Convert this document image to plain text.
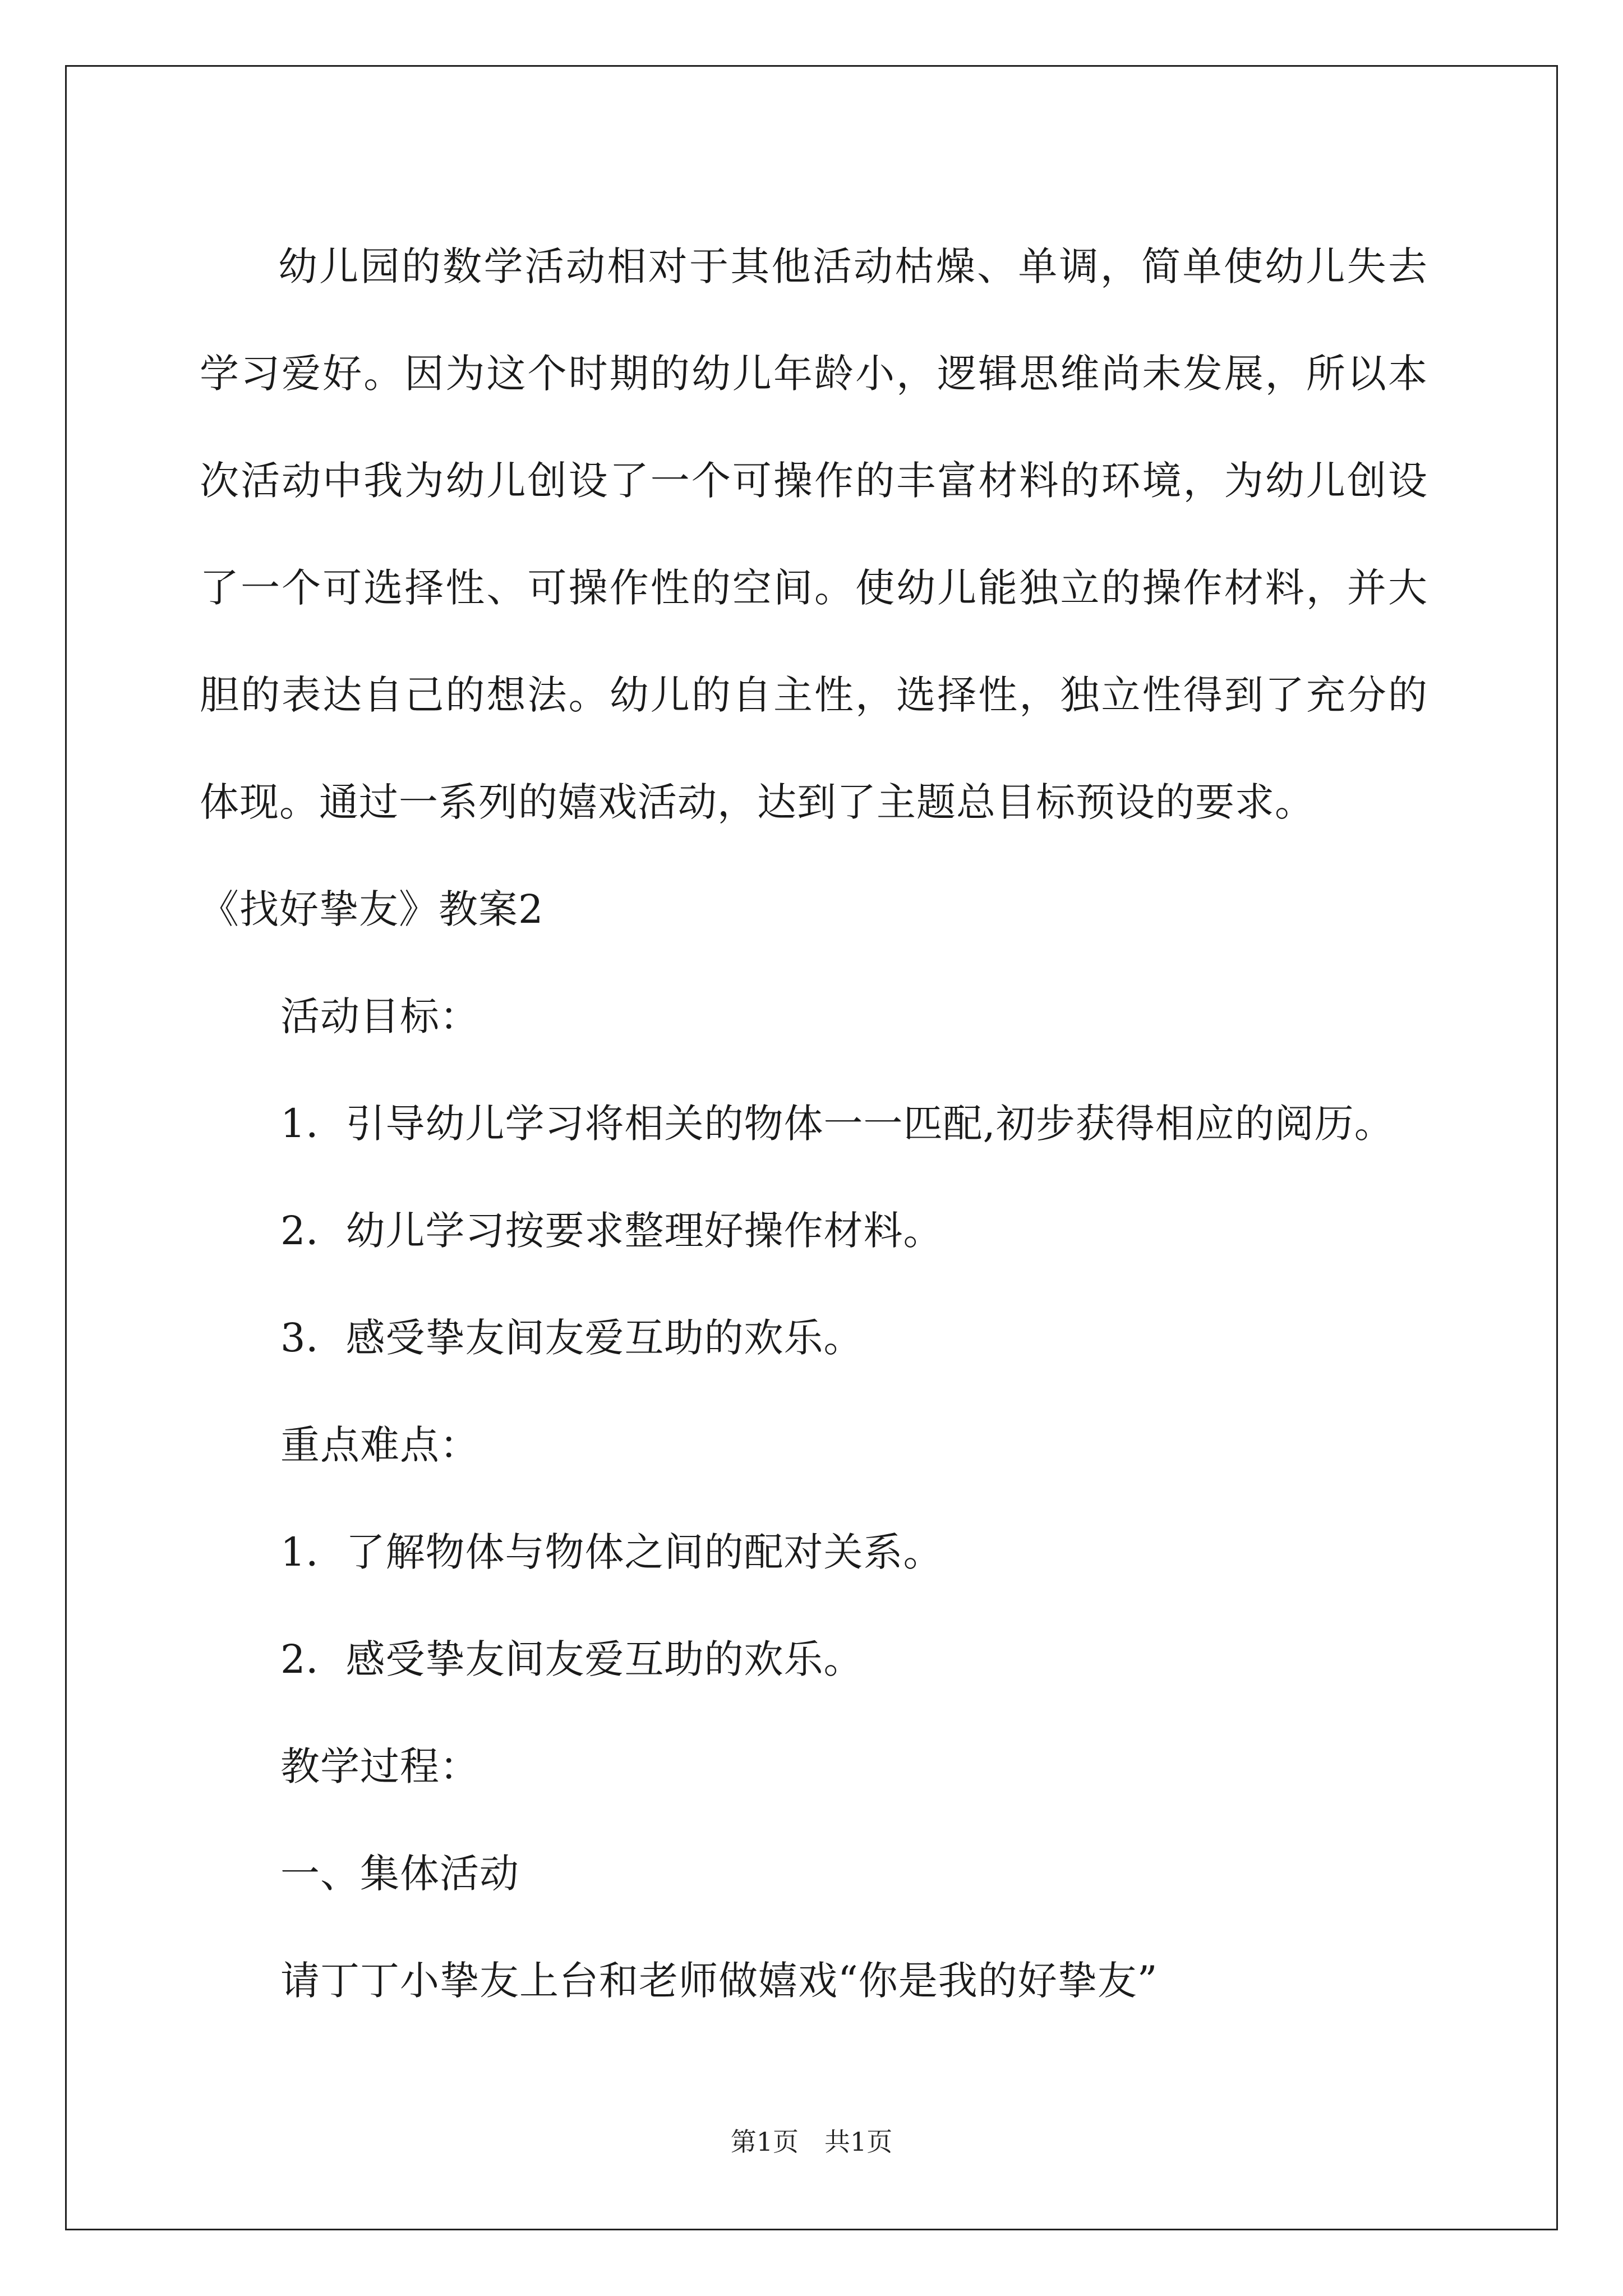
幼儿园的数学活动相对于其他活动枯燥、单调，简单使幼儿失去学习爱好。因为这个时期的幼儿年龄小，逻辑思维尚未发展，所以本次活动中我为幼儿创设了一个可操作的丰富材料的环境，为幼儿创设了一个可选择性、可操作性的空间。使幼儿能独立的操作材料，并大胆的表达自己的想法。幼儿的自主性，选择性，独立性得到了充分的体现。通过一系列的嬉戏活动，达到了主题总目标预设的要求。

《找好挚友》教案2

活动目标：

1．引导幼儿学习将相关的物体一一匹配,初步获得相应的阅历。

2．幼儿学习按要求整理好操作材料。

3．感受挚友间友爱互助的欢乐。

重点难点：

1．了解物体与物体之间的配对关系。

2．感受挚友间友爱互助的欢乐。

教学过程：

一、集体活动

请丁丁小挚友上台和老师做嬉戏“你是我的好挚友”

第1页　共1页
